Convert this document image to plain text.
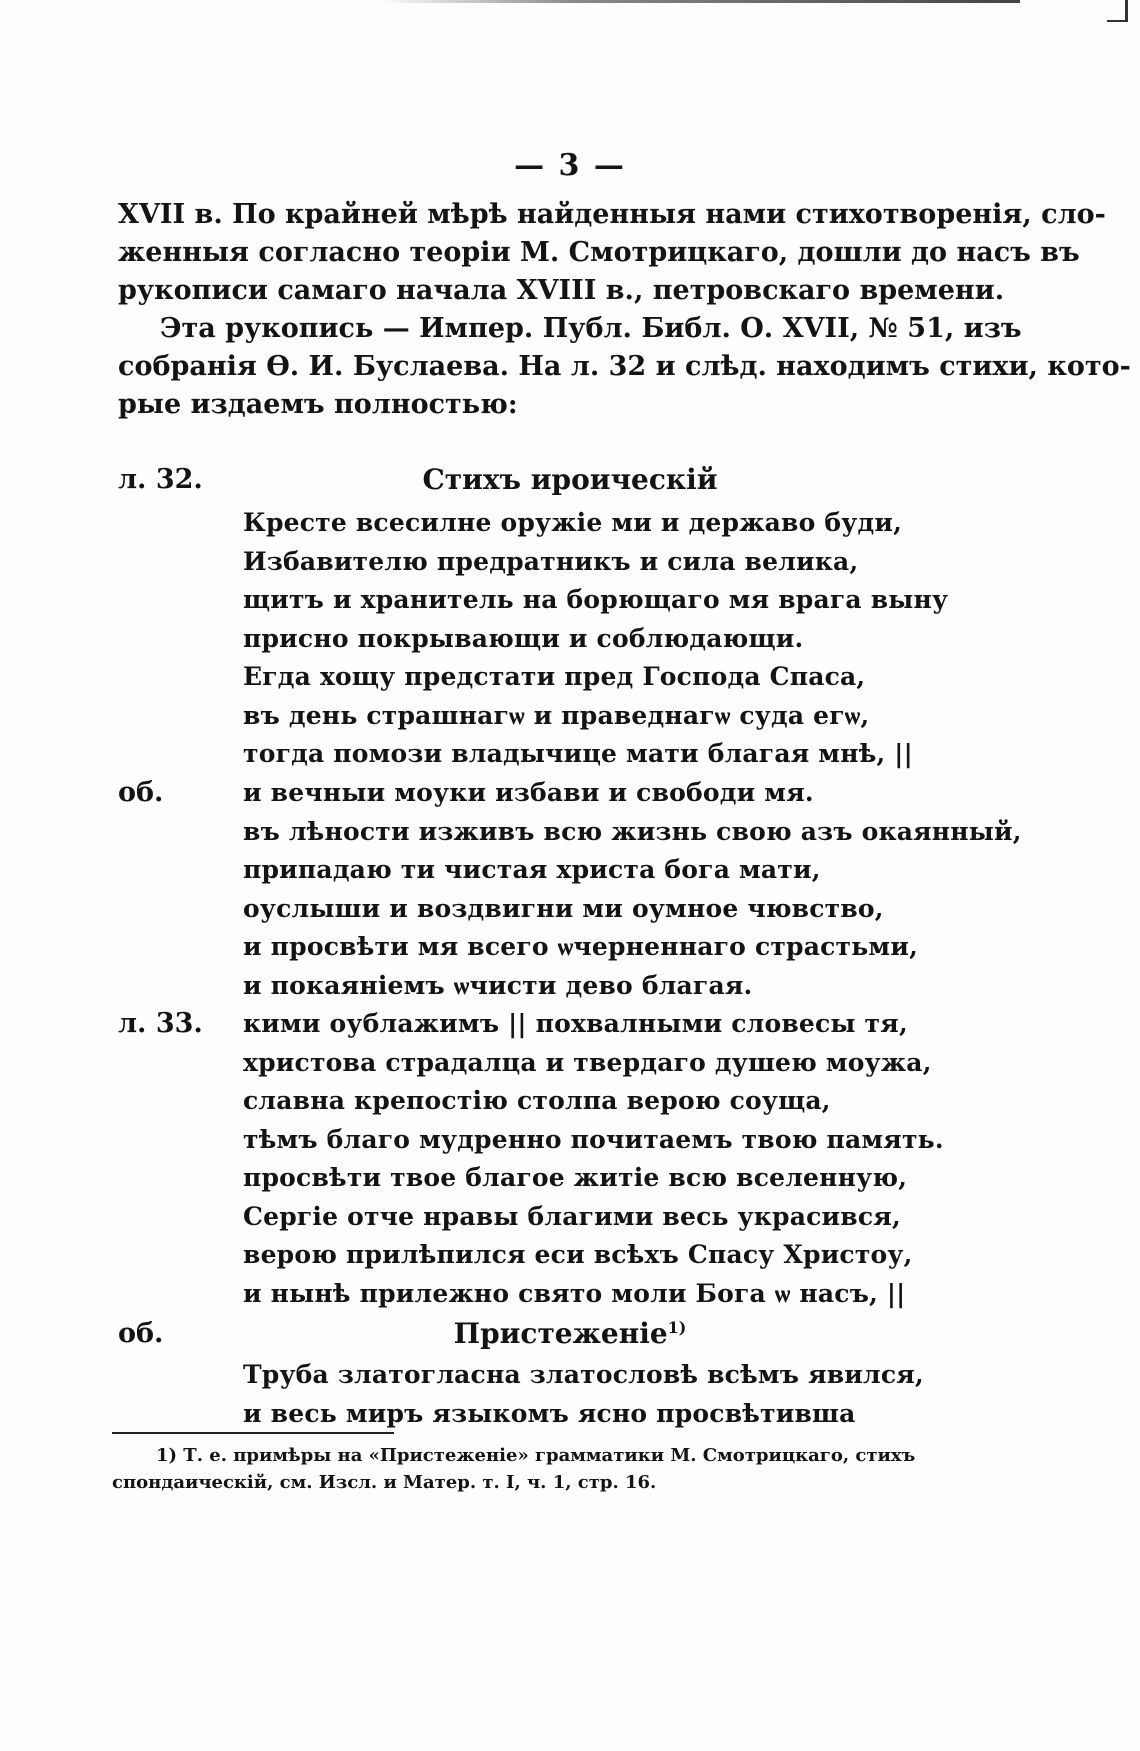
— 3 —

XVII в. По крайней мѣрѣ найденныя нами стихотворенія, сло-
женныя согласно теоріи М. Смотрицкаго, дошли до насъ въ
рукописи самаго начала XVIII в., петровскаго времени.

Эта рукопись — Импер. Публ. Библ. О. XVII, № 51, изъ
собранія Ѳ. И. Буслаева. На л. 32 и слѣд. находимъ стихи, кото-
рые издаемъ полностью:

л. 32.	Стихъ ироическій
Кресте всесилне оружіе ми и державо буди,
Избавителю предратникъ и сила велика,
щитъ и хранитель на борющаго мя врага выну
присно покрывающи и соблюдающи.
Егда хощу предстати пред Господа Спаса,
въ день страшнагѡ и праведнагѡ суда егѡ,
тогда помози владычице мати благая мнѣ, ||
об.	и вечныи моуки избави и свободи мя.
въ лѣности изживъ всю жизнь свою азъ окаянный,
припадаю ти чистая христа бога мати,
оуслыши и воздвигни ми оумное чювство,
и просвѣти мя всего ѡчерненнаго страстьми,
и покаяніемъ ѡчисти дево благая.
л. 33. кими оублажимъ || похвалными словесы тя,
христова страдалца и твердаго душею моужа,
славна крепостію столпа верою соуща,
тѣмъ благо мудренно почитаемъ твою память.
просвѣти твое благое житіе всю вселенную,
Сергіе отче нравы благими весь украсився,
верою прилѣпился еси всѣхъ Спасу Христоу,
и нынѣ прилежно свято моли Бога ѡ насъ, ||
об.	Пристеженіе$^{1)}$
Труба златогласна златословѣ всѣмъ явился,
и весь миръ языкомъ ясно просвѣтивша

1) Т. е. примѣры на «Пристеженіе» грамматики М. Смотрицкаго, стихъ
спондаическій, см. Изсл. и Матер. т. I, ч. 1, стр. 16.
